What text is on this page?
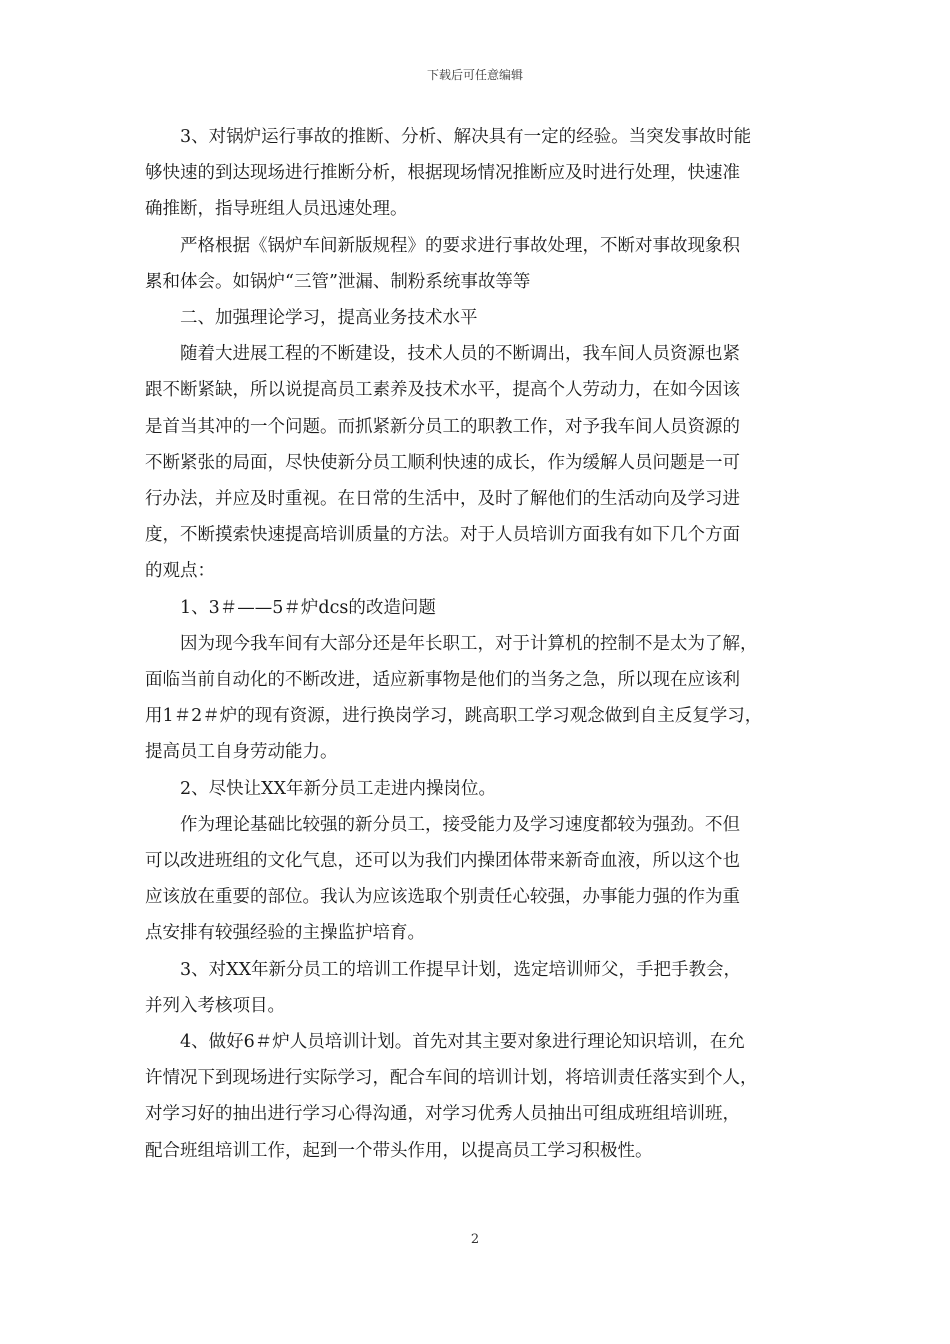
下载后可任意编辑

3、对锅炉运行事故的推断、分析、解决具有一定的经验。当突发事故时能
够快速的到达现场进行推断分析，根据现场情况推断应及时进行处理，快速准
确推断，指导班组人员迅速处理。

严格根据《锅炉车间新版规程》的要求进行事故处理，不断对事故现象积
累和体会。如锅炉“三管”泄漏、制粉系统事故等等

二、加强理论学习，提高业务技术水平

随着大进展工程的不断建设，技术人员的不断调出，我车间人员资源也紧
跟不断紧缺，所以说提高员工素养及技术水平，提高个人劳动力，在如今因该
是首当其冲的一个问题。而抓紧新分员工的职教工作，对予我车间人员资源的
不断紧张的局面，尽快使新分员工顺利快速的成长，作为缓解人员问题是一可
行办法，并应及时重视。在日常的生活中，及时了解他们的生活动向及学习进
度，不断摸索快速提高培训质量的方法。对于人员培训方面我有如下几个方面
的观点：

1、3＃——5＃炉dcs的改造问题

因为现今我车间有大部分还是年长职工，对于计算机的控制不是太为了解，
面临当前自动化的不断改进，适应新事物是他们的当务之急，所以现在应该利
用1＃2＃炉的现有资源，进行换岗学习，跳高职工学习观念做到自主反复学习，
提高员工自身劳动能力。

2、尽快让XX年新分员工走进内操岗位。

作为理论基础比较强的新分员工，接受能力及学习速度都较为强劲。不但
可以改进班组的文化气息，还可以为我们内操团体带来新奇血液，所以这个也
应该放在重要的部位。我认为应该选取个别责任心较强，办事能力强的作为重
点安排有较强经验的主操监护培育。

3、对XX年新分员工的培训工作提早计划，选定培训师父，手把手教会，
并列入考核项目。

4、做好6＃炉人员培训计划。首先对其主要对象进行理论知识培训，在允
许情况下到现场进行实际学习，配合车间的培训计划，将培训责任落实到个人，
对学习好的抽出进行学习心得沟通，对学习优秀人员抽出可组成班组培训班，
配合班组培训工作，起到一个带头作用，以提高员工学习积极性。

2
